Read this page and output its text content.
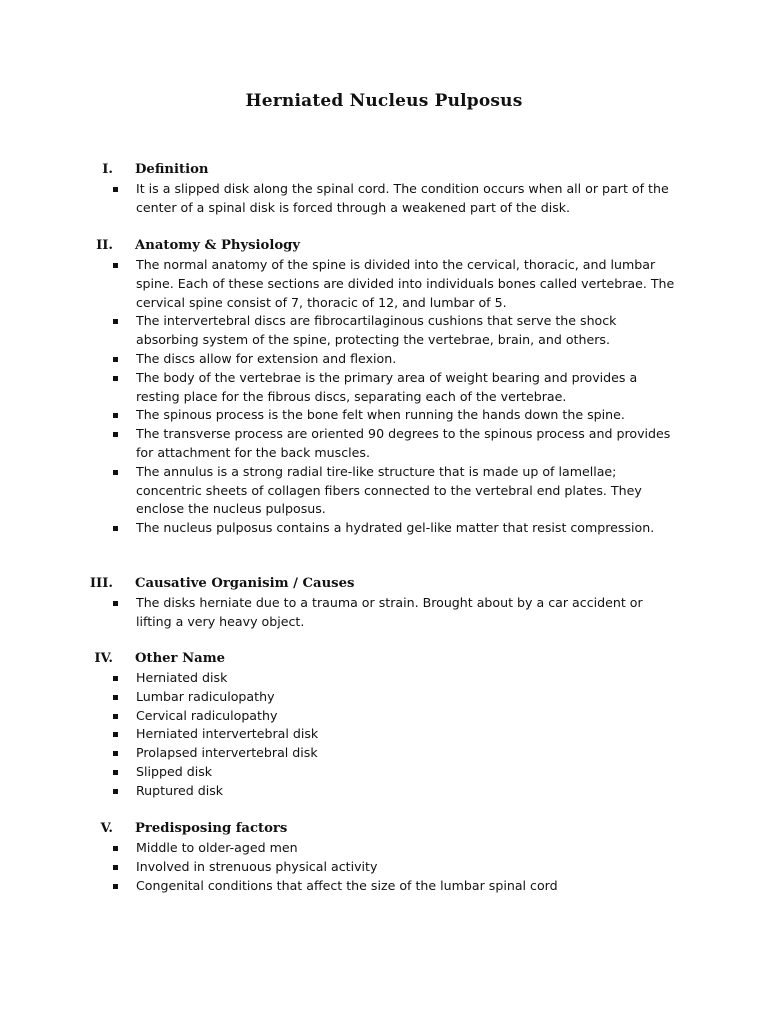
Herniated Nucleus Pulposus
I. Definition
It is a slipped disk along the spinal cord. The condition occurs when all or part of the center of a spinal disk is forced through a weakened part of the disk.
II. Anatomy & Physiology
The normal anatomy of the spine is divided into the cervical, thoracic, and lumbar spine. Each of these sections are divided into individuals bones called vertebrae. The cervical spine consist of 7, thoracic of 12, and lumbar of 5.
The intervertebral discs are fibrocartilaginous cushions that serve the shock absorbing system of the spine, protecting the vertebrae, brain, and others.
The discs allow for extension and flexion.
The body of the vertebrae is the primary area of weight bearing and provides a resting place for the fibrous discs, separating each of the vertebrae.
The spinous process is the bone felt when running the hands down the spine.
The transverse process are oriented 90 degrees to the spinous process and provides for attachment for the back muscles.
The annulus is a strong radial tire-like structure that is made up of lamellae; concentric sheets of collagen fibers connected to the vertebral end plates. They enclose the nucleus pulposus.
The nucleus pulposus contains a hydrated gel-like matter that resist compression.
III. Causative Organisim / Causes
The disks herniate due to a trauma or strain. Brought about by a car accident or lifting a very heavy object.
IV. Other Name
Herniated disk
Lumbar radiculopathy
Cervical radiculopathy
Herniated intervertebral disk
Prolapsed intervertebral disk
Slipped disk
Ruptured disk
V. Predisposing factors
Middle to older-aged men
Involved in strenuous physical activity
Congenital conditions that affect the size of the lumbar spinal cord
